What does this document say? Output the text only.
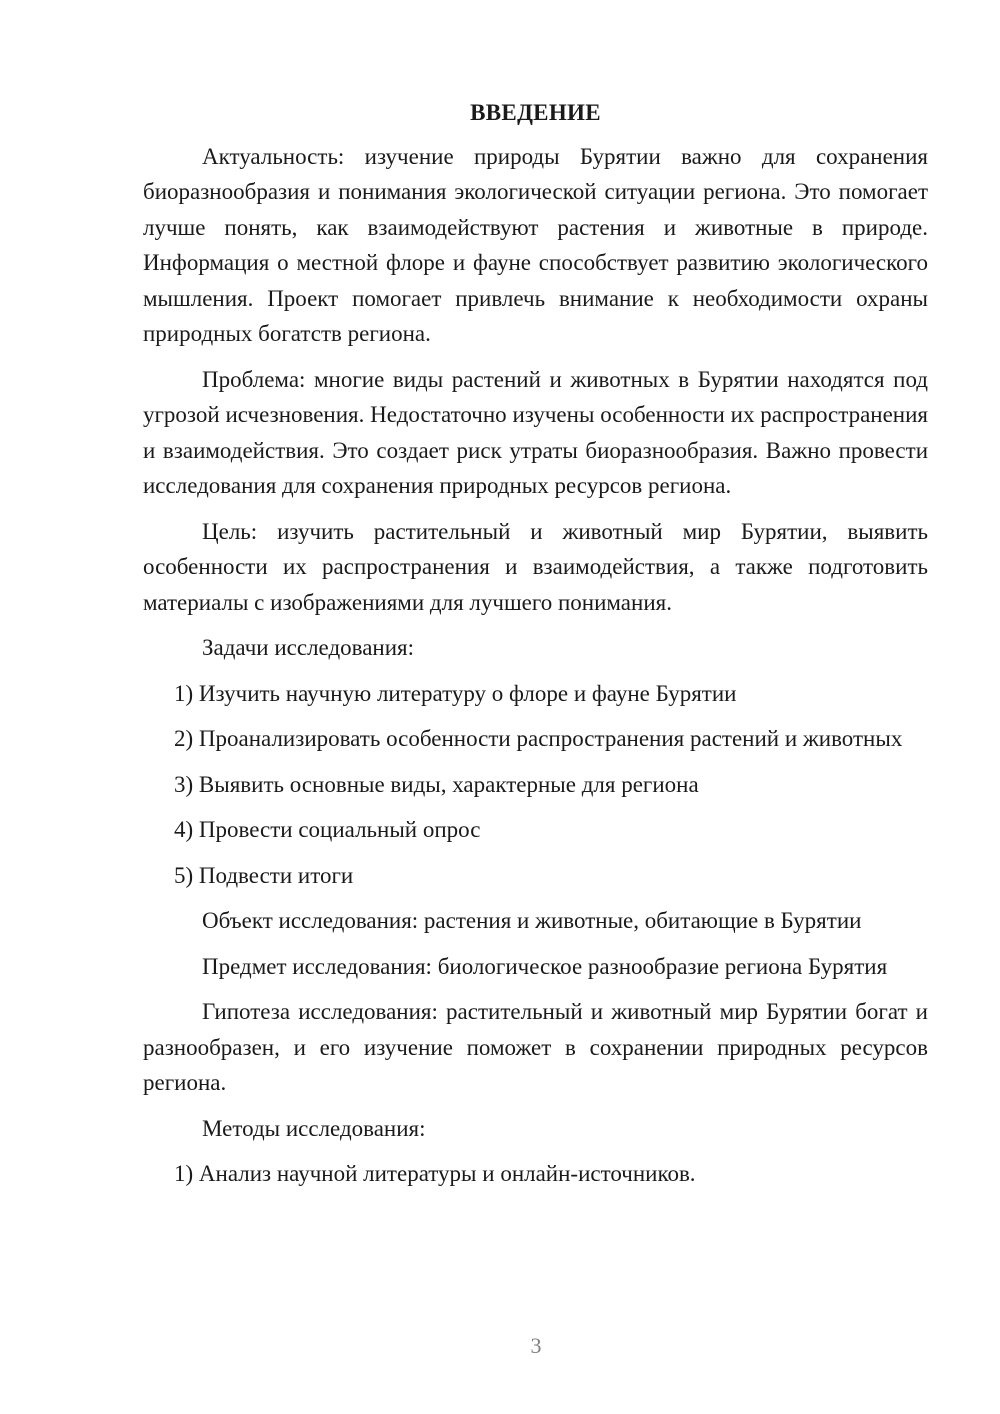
ВВЕДЕНИЕ

Актуальность: изучение природы Бурятии важно для сохранения биоразнообразия и понимания экологической ситуации региона. Это помогает лучше понять, как взаимодействуют растения и животные в природе. Информация о местной флоре и фауне способствует развитию экологического мышления. Проект помогает привлечь внимание к необходимости охраны природных богатств региона.

Проблема: многие виды растений и животных в Бурятии находятся под угрозой исчезновения. Недостаточно изучены особенности их распространения и взаимодействия. Это создает риск утраты биоразнообразия. Важно провести исследования для сохранения природных ресурсов региона.

Цель: изучить растительный и животный мир Бурятии, выявить особенности их распространения и взаимодействия, а также подготовить материалы с изображениями для лучшего понимания.

Задачи исследования:

1) Изучить научную литературу о флоре и фауне Бурятии

2) Проанализировать особенности распространения растений и животных

3) Выявить основные виды, характерные для региона

4) Провести социальный опрос

5) Подвести итоги

Объект исследования: растения и животные, обитающие в Бурятии

Предмет исследования: биологическое разнообразие региона Бурятия

Гипотеза исследования: растительный и животный мир Бурятии богат и разнообразен, и его изучение поможет в сохранении природных ресурсов региона.

Методы исследования:

1) Анализ научной литературы и онлайн-источников.

3
